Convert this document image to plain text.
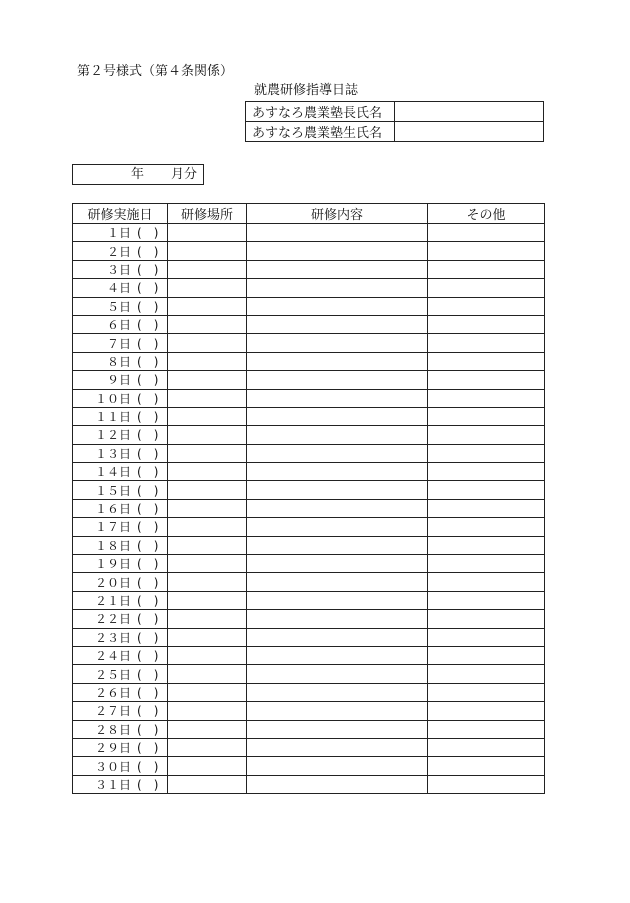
第２号様式（第４条関係）
就農研修指導日誌
あすなろ農業塾長氏名	
あすなろ農業塾生氏名	
年 月分
研修実施日	研修場所	研修内容	その他
１日 (　)			
２日 (　)			
３日 (　)			
４日 (　)			
５日 (　)			
６日 (　)			
７日 (　)			
８日 (　)			
９日 (　)			
１０日 (　)			
１１日 (　)			
１２日 (　)			
１３日 (　)			
１４日 (　)			
１５日 (　)			
１６日 (　)			
１７日 (　)			
１８日 (　)			
１９日 (　)			
２０日 (　)			
２１日 (　)			
２２日 (　)			
２３日 (　)			
２４日 (　)			
２５日 (　)			
２６日 (　)			
２７日 (　)			
２８日 (　)			
２９日 (　)			
３０日 (　)			
３１日 (　)			
